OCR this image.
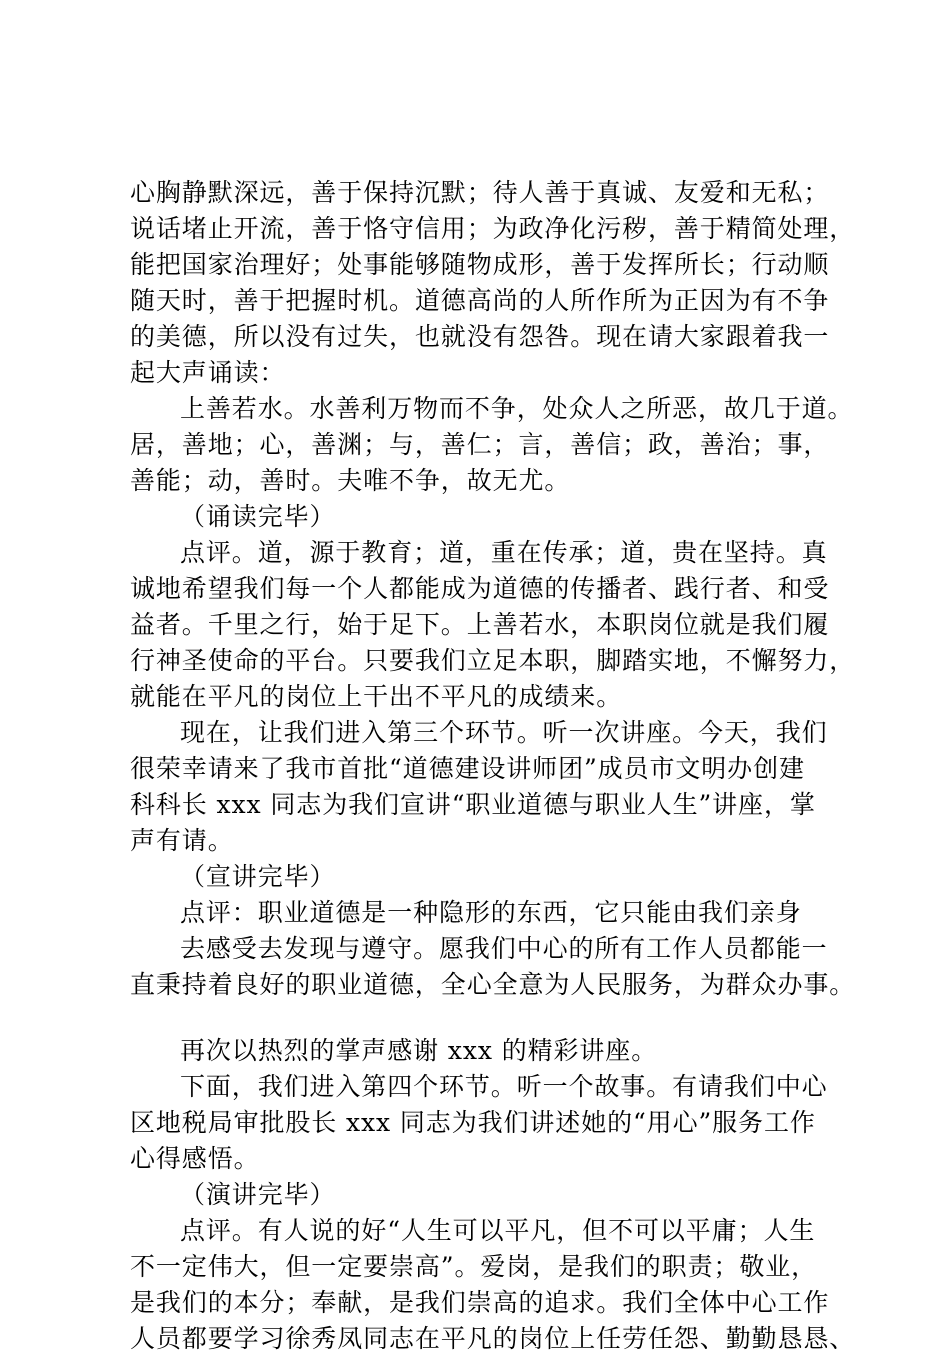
心胸静默深远，善于保持沉默；待人善于真诚、友爱和无私；
说话堵止开流，善于恪守信用；为政净化污秽，善于精简处理，
能把国家治理好；处事能够随物成形，善于发挥所长；行动顺
随天时，善于把握时机。道德高尚的人所作所为正因为有不争
的美德，所以没有过失，也就没有怨咎。现在请大家跟着我一
起大声诵读：
上善若水。水善利万物而不争，处众人之所恶，故几于道。
居，善地；心，善渊；与，善仁；言，善信；政，善治；事，
善能；动，善时。夫唯不争，故无尤。
（诵读完毕）
点评。道，源于教育；道，重在传承；道，贵在坚持。真
诚地希望我们每一个人都能成为道德的传播者、践行者、和受
益者。千里之行，始于足下。上善若水，本职岗位就是我们履
行神圣使命的平台。只要我们立足本职，脚踏实地，不懈努力，
就能在平凡的岗位上干出不平凡的成绩来。
现在，让我们进入第三个环节。听一次讲座。今天，我们
很荣幸请来了我市首批“道德建设讲师团”成员市文明办创建
科科长 xxx 同志为我们宣讲“职业道德与职业人生”讲座，掌
声有请。
（宣讲完毕）
点评：职业道德是一种隐形的东西，它只能由我们亲身
去感受去发现与遵守。愿我们中心的所有工作人员都能一
直秉持着良好的职业道德，全心全意为人民服务，为群众办事。
再次以热烈的掌声感谢 xxx 的精彩讲座。
下面，我们进入第四个环节。听一个故事。有请我们中心
区地税局审批股长 xxx 同志为我们讲述她的“用心”服务工作
心得感悟。
（演讲完毕）
点评。有人说的好“人生可以平凡，但不可以平庸；人生
不一定伟大，但一定要崇高”。爱岗，是我们的职责；敬业，
是我们的本分；奉献，是我们崇高的追求。我们全体中心工作
人员都要学习徐秀凤同志在平凡的岗位上任劳任怨、勤勤恳恳、
